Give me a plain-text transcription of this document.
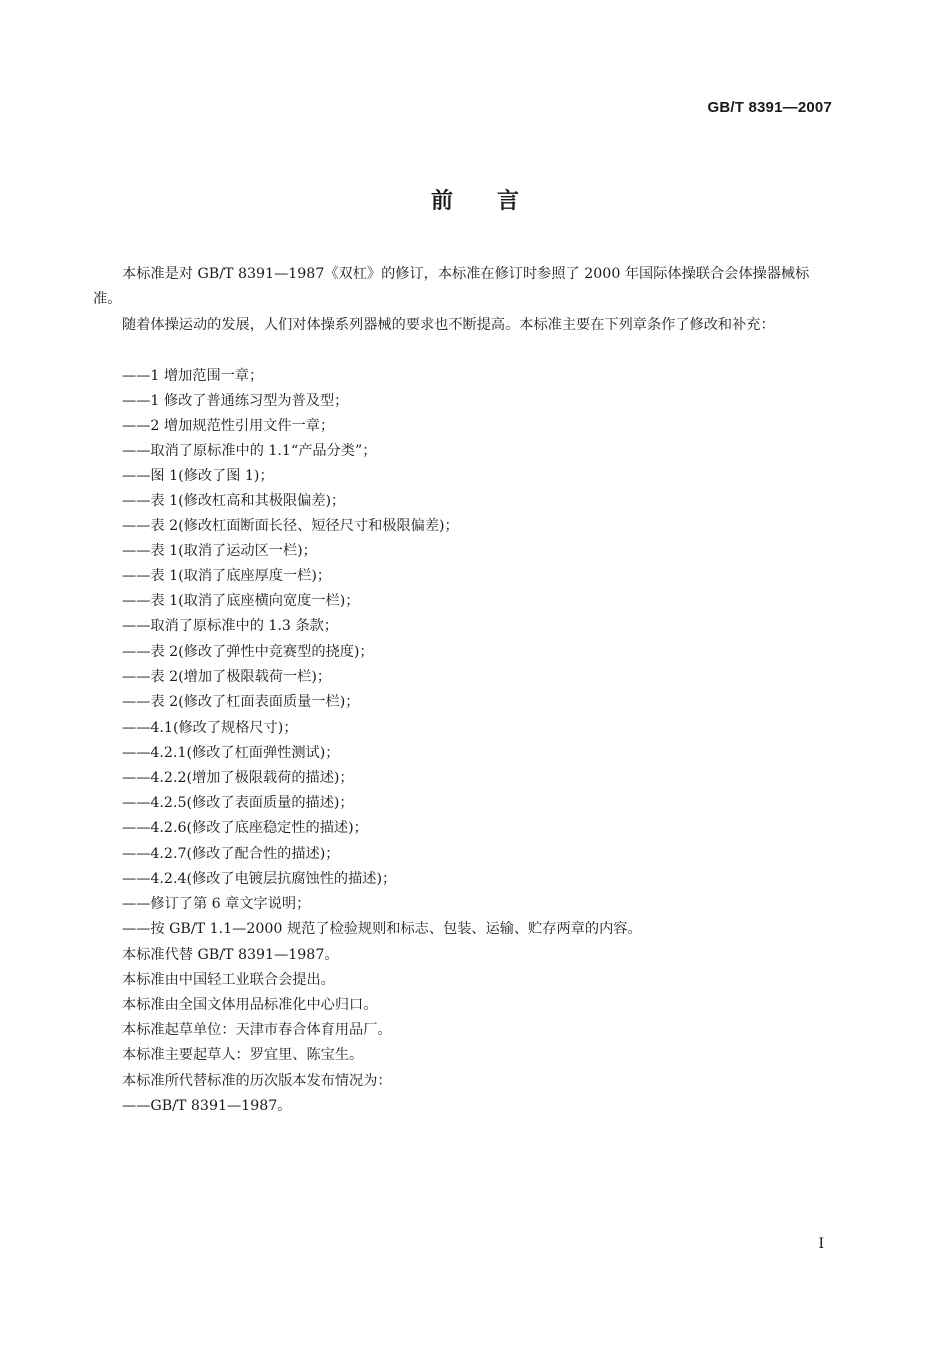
GB/T 8391—2007
前 言
本标准是对 GB/T 8391—1987《双杠》的修订，本标准在修订时参照了 2000 年国际体操联合会体操器械标准。
随着体操运动的发展，人们对体操系列器械的要求也不断提高。本标准主要在下列章条作了修改和补充：
——1 增加范围一章；
——1 修改了普通练习型为普及型；
——2 增加规范性引用文件一章；
——取消了原标准中的 1.1“产品分类”；
——图 1(修改了图 1)；
——表 1(修改杠高和其极限偏差)；
——表 2(修改杠面断面长径、短径尺寸和极限偏差)；
——表 1(取消了运动区一栏)；
——表 1(取消了底座厚度一栏)；
——表 1(取消了底座横向宽度一栏)；
——取消了原标准中的 1.3 条款；
——表 2(修改了弹性中竞赛型的挠度)；
——表 2(增加了极限载荷一栏)；
——表 2(修改了杠面表面质量一栏)；
——4.1(修改了规格尺寸)；
——4.2.1(修改了杠面弹性测试)；
——4.2.2(增加了极限载荷的描述)；
——4.2.5(修改了表面质量的描述)；
——4.2.6(修改了底座稳定性的描述)；
——4.2.7(修改了配合性的描述)；
——4.2.4(修改了电镀层抗腐蚀性的描述)；
——修订了第 6 章文字说明；
——按 GB/T 1.1—2000 规范了检验规则和标志、包装、运输、贮存两章的内容。
本标准代替 GB/T 8391—1987。
本标准由中国轻工业联合会提出。
本标准由全国文体用品标准化中心归口。
本标准起草单位：天津市春合体育用品厂。
本标准主要起草人：罗宜里、陈宝生。
本标准所代替标准的历次版本发布情况为：
——GB/T 8391—1987。
I
